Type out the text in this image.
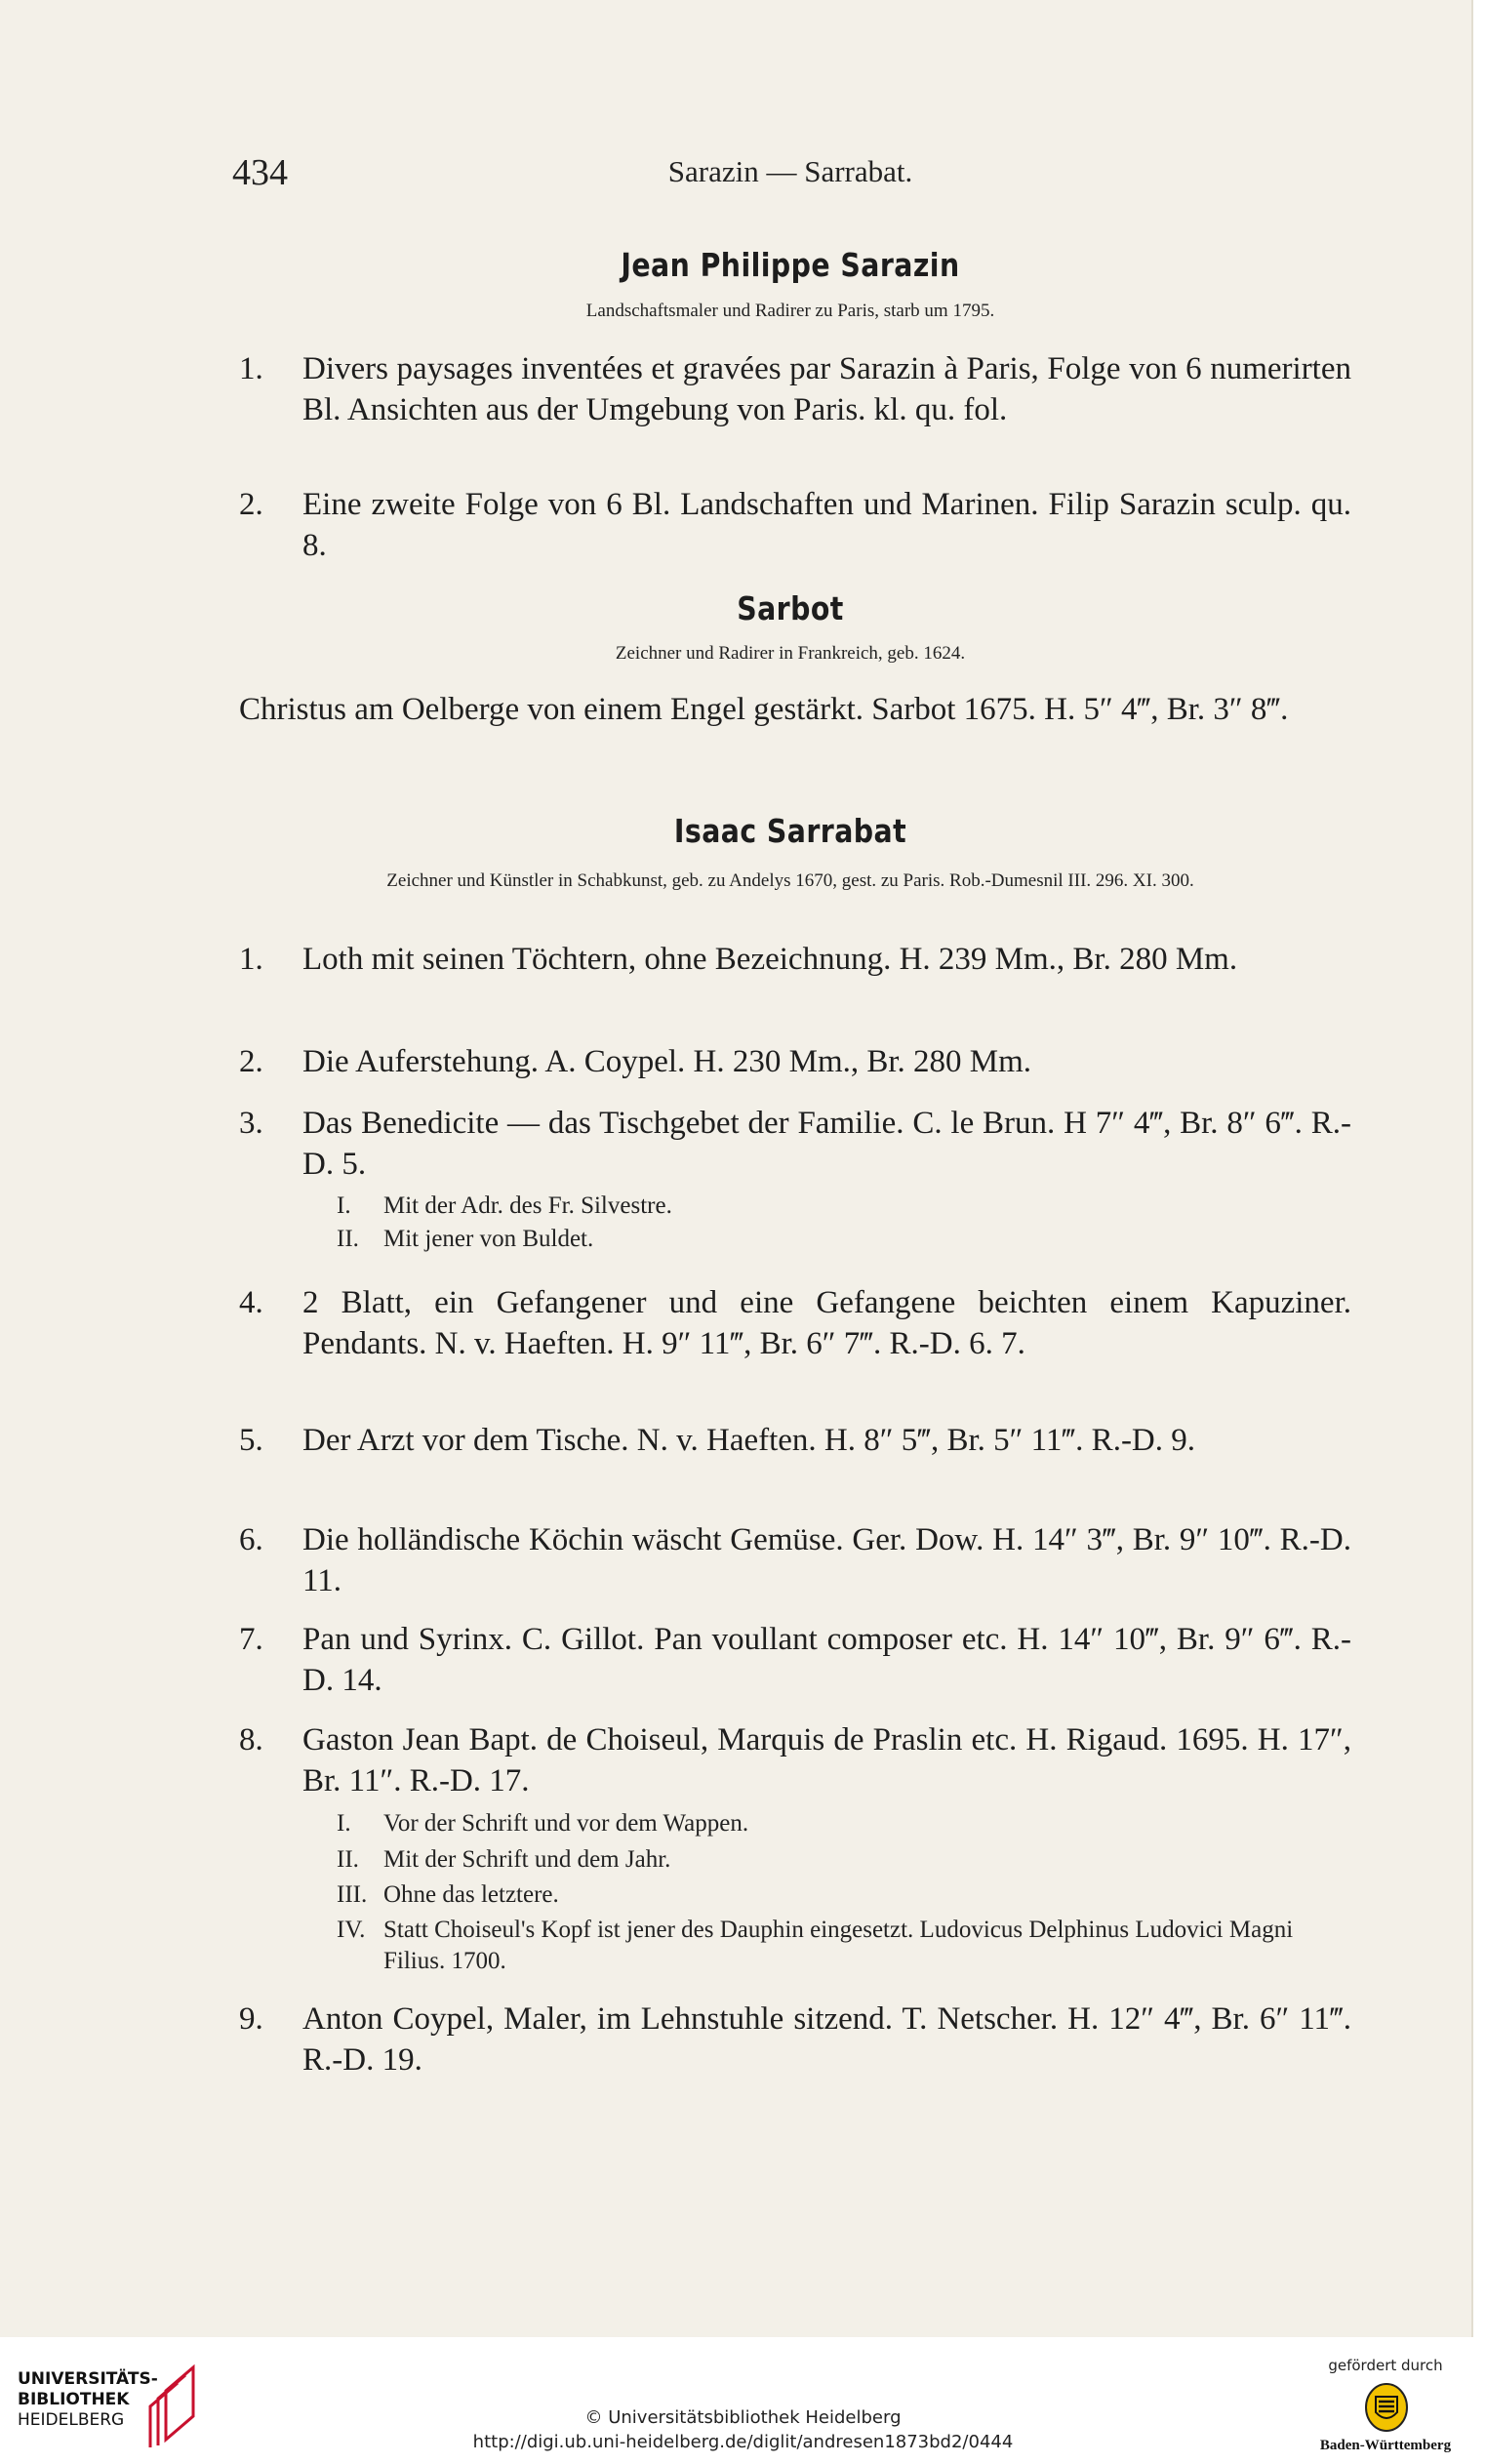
434	Sarazin — Sarrabat.
Jean Philippe Sarazin
Landschaftsmaler und Radirer zu Paris, starb um 1795.
1.	Divers paysages inventées et gravées par Sarazin à Paris, Folge von 6 numerirten Bl. Ansichten aus der Umgebung von Paris. kl. qu. fol.
2.	Eine zweite Folge von 6 Bl. Landschaften und Marinen. Filip Sarazin sculp. qu. 8.
Sarbot
Zeichner und Radirer in Frankreich, geb. 1624.
Christus am Oelberge von einem Engel gestärkt. Sarbot 1675. H. 5″ 4‴, Br. 3″ 8‴.
Isaac Sarrabat
Zeichner und Künstler in Schabkunst, geb. zu Andelys 1670, gest. zu Paris. Rob.-Dumesnil III. 296. XI. 300.
1.	Loth mit seinen Töchtern, ohne Bezeichnung. H. 239 Mm., Br. 280 Mm.
2.	Die Auferstehung. A. Coypel. H. 230 Mm., Br. 280 Mm.
3.	Das Benedicite — das Tischgebet der Familie. C. le Brun. H 7″ 4‴, Br. 8″ 6‴. R.-D. 5.
I.	Mit der Adr. des Fr. Silvestre.
II.	Mit jener von Buldet.
4.	2 Blatt, ein Gefangener und eine Gefangene beichten einem Kapuziner. Pendants. N. v. Haeften. H. 9″ 11‴, Br. 6″ 7‴. R.-D. 6. 7.
5.	Der Arzt vor dem Tische. N. v. Haeften. H. 8″ 5‴, Br. 5″ 11‴. R.-D. 9.
6.	Die holländische Köchin wäscht Gemüse. Ger. Dow. H. 14″ 3‴, Br. 9″ 10‴. R.-D. 11.
7.	Pan und Syrinx. C. Gillot. Pan voullant composer etc. H. 14″ 10‴, Br. 9″ 6‴. R.-D. 14.
8.	Gaston Jean Bapt. de Choiseul, Marquis de Praslin etc. H. Rigaud. 1695. H. 17″, Br. 11″. R.-D. 17.
I.	Vor der Schrift und vor dem Wappen.
II.	Mit der Schrift und dem Jahr.
III. Ohne das letztere.
IV. Statt Choiseul's Kopf ist jener des Dauphin eingesetzt. Ludovicus Delphinus Ludovici Magni Filius. 1700.
9.	Anton Coypel, Maler, im Lehnstuhle sitzend. T. Netscher. H. 12″ 4‴, Br. 6″ 11‴. R.-D. 19.
UNIVERSITÄTS-
BIBLIOTHEK
HEIDELBERG	© Universitätsbibliothek Heidelberg
http://digi.ub.uni-heidelberg.de/diglit/andresen1873bd2/0444
gefördert durch
Baden-Württemberg
